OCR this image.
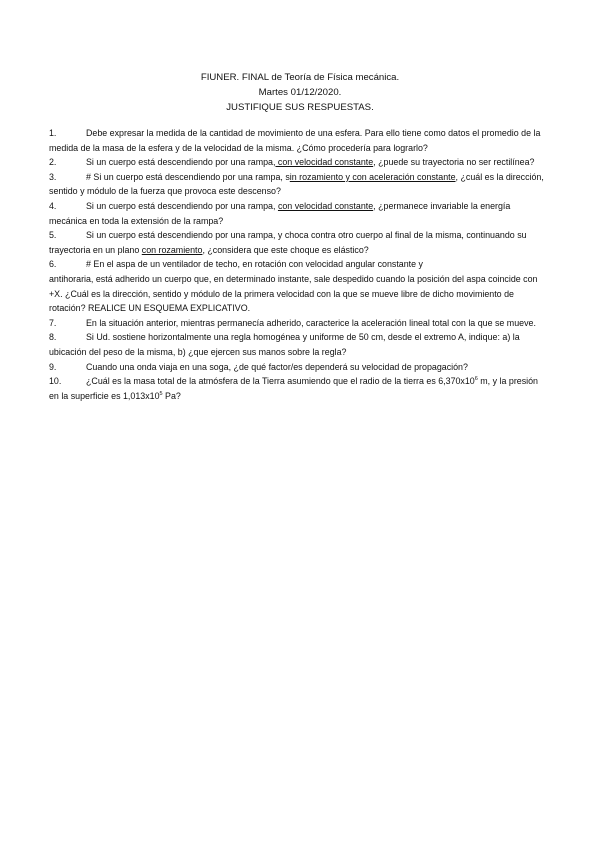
FIUNER. FINAL de Teoría de Física mecánica.
Martes 01/12/2020.
JUSTIFIQUE SUS RESPUESTAS.

1.	Debe expresar la medida de la cantidad de movimiento de una esfera. Para ello tiene como datos el promedio de la medida de la masa de la esfera y de la velocidad de la misma. ¿Cómo procedería para lograrlo?

2.	Si un cuerpo está descendiendo por una rampa, con velocidad constante, ¿puede su trayectoria no ser rectilínea?

3.	# Si un cuerpo está descendiendo por una rampa, sin rozamiento y con aceleración constante, ¿cuál es la dirección, sentido y módulo de la fuerza que provoca este descenso?

4.	Si un cuerpo está descendiendo por una rampa, con velocidad constante, ¿permanece invariable la energía mecánica en toda la extensión de la rampa?

5.	Si un cuerpo está descendiendo por una rampa, y choca contra otro cuerpo al final de la misma, continuando su trayectoria en un plano con rozamiento, ¿considera que este choque es elástico?

6.	# En el aspa de un ventilador de techo, en rotación con velocidad angular constante y
antihoraria, está adherido un cuerpo que, en determinado instante, sale despedido cuando la posición del aspa coincide con +X. ¿Cuál es la dirección, sentido y módulo de la primera velocidad con la que se mueve libre de dicho movimiento de rotación? REALICE UN ESQUEMA EXPLICATIVO.

7.	En la situación anterior, mientras permanecía adherido, caracterice la aceleración lineal total con la que se mueve.

8.	Si Ud. sostiene horizontalmente una regla homogénea y uniforme de 50 cm, desde el extremo A, indique: a) la ubicación del peso de la misma, b) ¿que ejercen sus manos sobre la regla?

9.	Cuando una onda viaja en una soga, ¿de qué factor/es dependerá su velocidad de propagación?

10.	¿Cuál es la masa total de la atmósfera de la Tierra asumiendo que el radio de la tierra es $6,370x10^6$ m, y la presión en la superficie es $1,013x10^5$ Pa?
